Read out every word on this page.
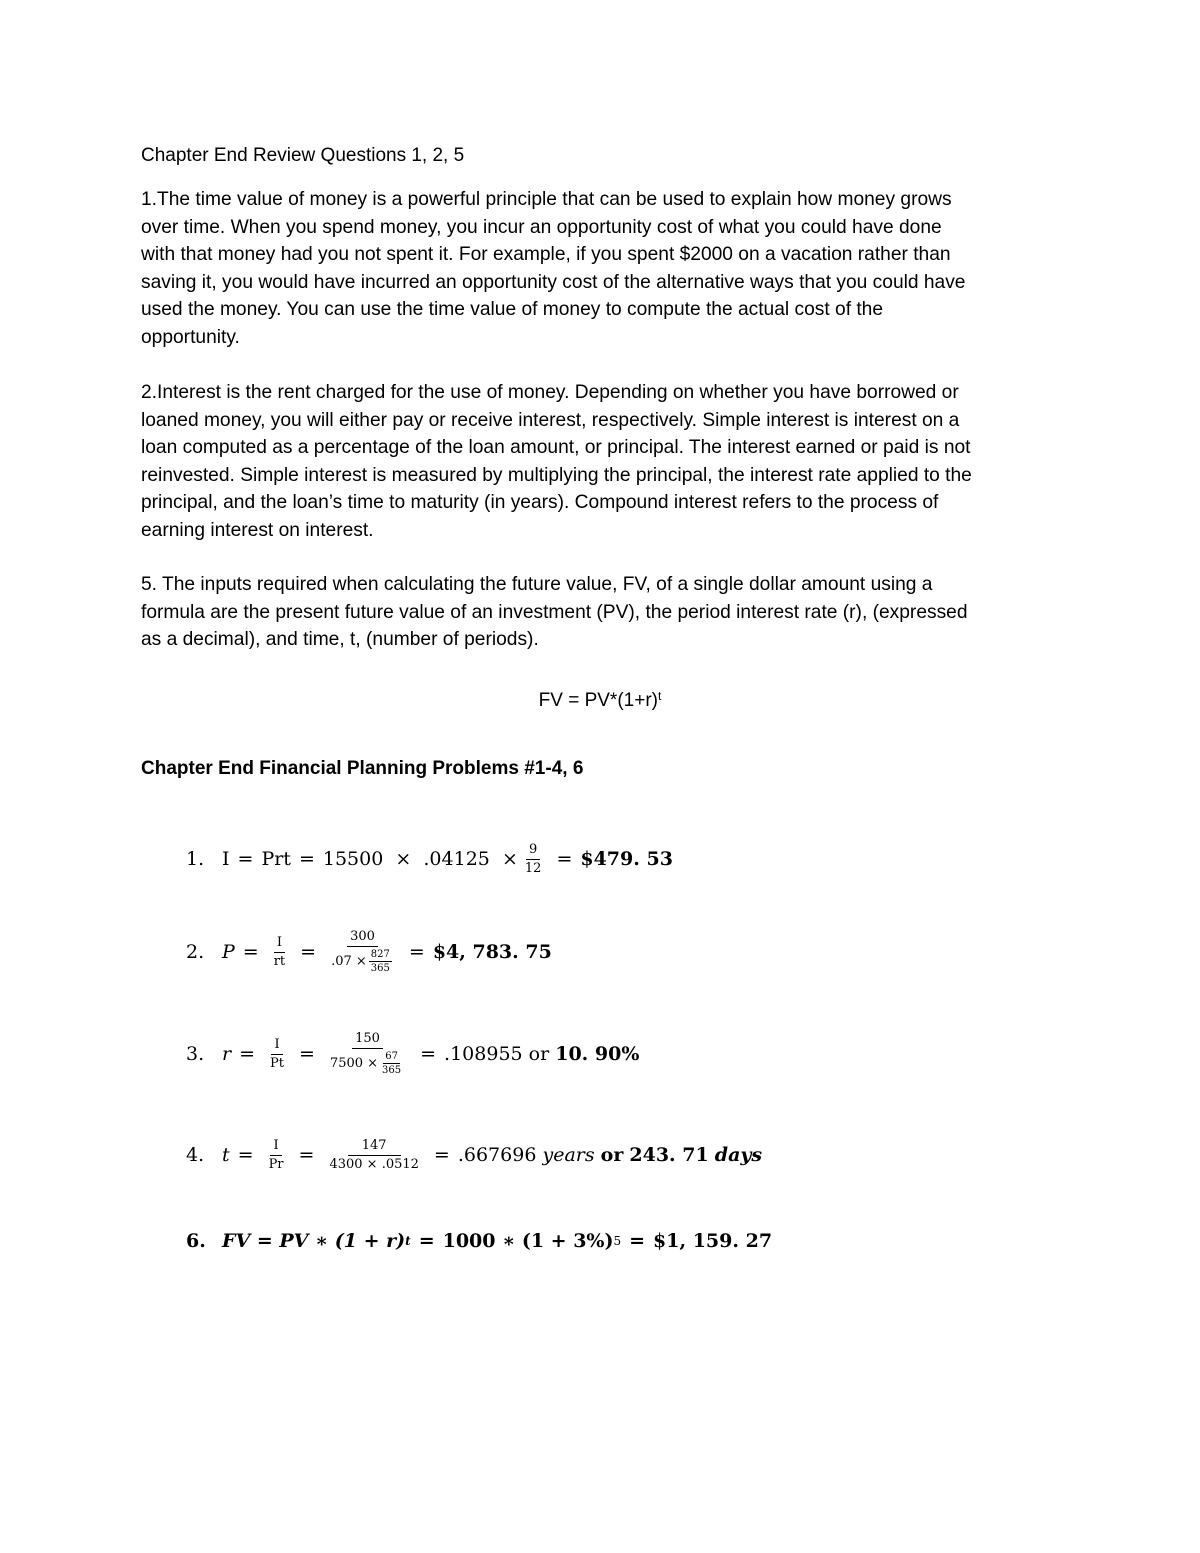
Chapter End Review Questions 1, 2, 5
1.The time value of money is a powerful principle that can be used to explain how money grows
over time. When you spend money, you incur an opportunity cost of what you could have done
with that money had you not spent it. For example, if you spent $2000 on a vacation rather than
saving it, you would have incurred an opportunity cost of the alternative ways that you could have
used the money. You can use the time value of money to compute the actual cost of the
opportunity.
2.Interest is the rent charged for the use of money. Depending on whether you have borrowed or
loaned money, you will either pay or receive interest, respectively. Simple interest is interest on a
loan computed as a percentage of the loan amount, or principal. The interest earned or paid is not
reinvested. Simple interest is measured by multiplying the principal, the interest rate applied to the
principal, and the loan’s time to maturity (in years). Compound interest refers to the process of
earning interest on interest.
5. The inputs required when calculating the future value, FV, of a single dollar amount using a
formula are the present future value of an investment (PV), the period interest rate (r), (expressed
as a decimal), and time, t, (number of periods).
FV = $PV*(1+r)^t$
Chapter End Financial Planning Problems #1-4, 6
1. I = Prt = $15500 \times .04125 \times \frac{9}{12}$ = $479. 53
2. $P = \frac{I}{rt} = \frac{300}{.07 \times \frac{827}{365}}$ = $4, 783. 75
3. $r = \frac{I}{Pt} = \frac{150}{7500 \times \frac{67}{365}} = .108955$ or
10. 90%
4. $t = \frac{I}{Pr} = \frac{147}{4300 \times .0512} = .667696$
years
or
243. 71
days
6. FV = PV ∗ (1 + r) t = 1000 ∗ (1 + 3%) 5 = $1, 159. 27
